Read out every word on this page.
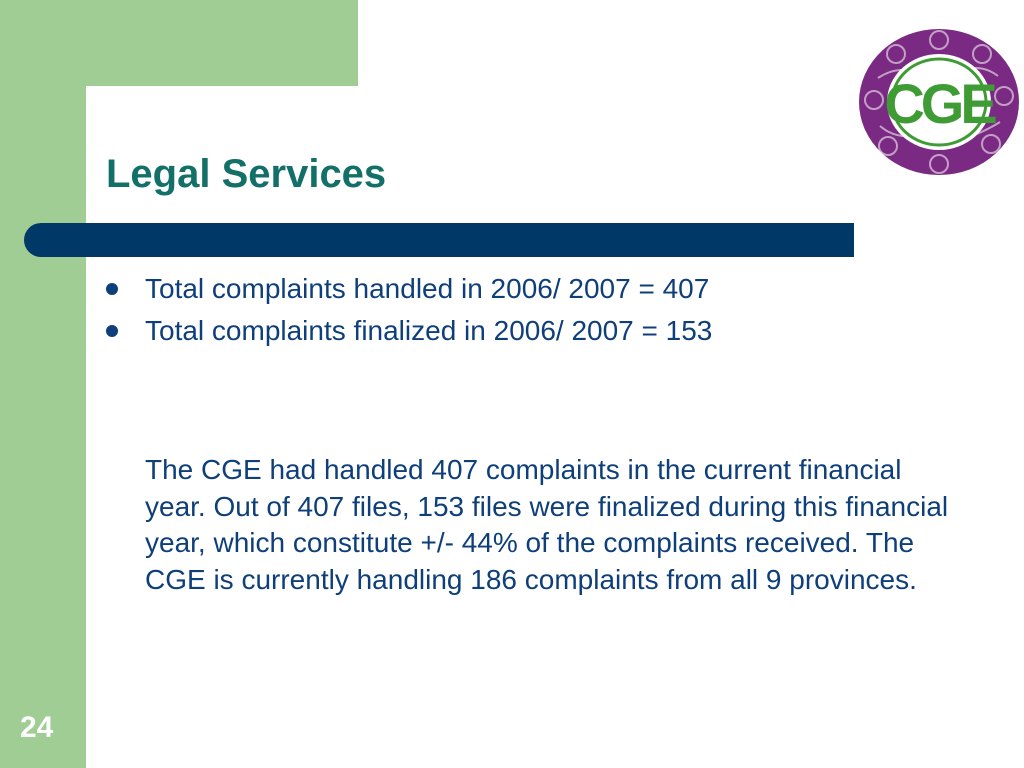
CGE
Legal Services
Total complaints handled in 2006/ 2007 = 407
Total complaints finalized in 2006/ 2007 = 153

The CGE had handled 407 complaints in the current financial year. Out of 407 files, 153 files were finalized during this financial year, which constitute +/- 44% of the complaints received. The CGE is currently handling 186 complaints from all 9 provinces.

24
